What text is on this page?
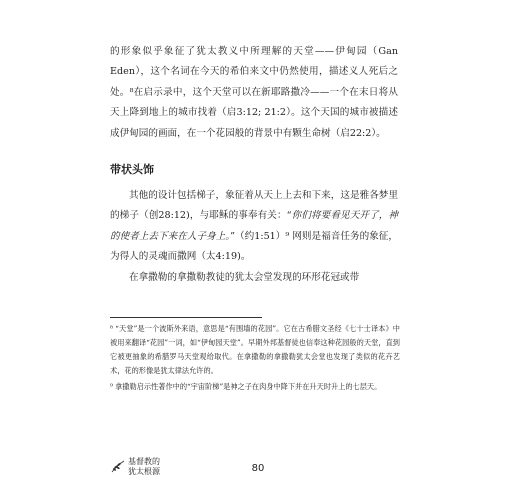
的形象似乎象征了犹太教义中所理解的天堂——伊甸园（Gan Eden），这个名词在今天的希伯来文中仍然使用，描述义人死后之处。⁸在启示录中，这个天堂可以在新耶路撒冷——一个在末日将从天上降到地上的城市找着（启3:12; 21:2）。这个天国的城市被描述成伊甸园的画面，在一个花园般的背景中有颗生命树（启22:2）。

带状头饰

其他的设计包括梯子，象征着从天上上去和下来，这是雅各梦里的梯子（创28:12)，与耶稣的事奉有关：“你们将要看见天开了，神的使者上去下来在人子身上。”（约1:51）⁹ 网则是福音任务的象征，为得人的灵魂而撒网（太4:19)。

在拿撒勒的拿撒勒教徒的犹太会堂发现的环形花冠或带

⁸ “天堂”是一个波斯外来语，意思是“有围墙的花园”。它在古希腊文圣经《七十士译本》中被用来翻译“花园”一词，如“伊甸园天堂”。早期外邦基督徒也信奉这种花园般的天堂，直到它被更抽象的希腊罗马天堂观给取代。在拿撒勒的拿撒勒犹太会堂也发现了类似的花卉艺术，花的形像是犹太律法允许的。

⁹ 拿撒勒启示性著作中的“宇宙阶梯”是神之子在肉身中降下并在升天时升上的七层天。

基督教的
犹太根源	80
